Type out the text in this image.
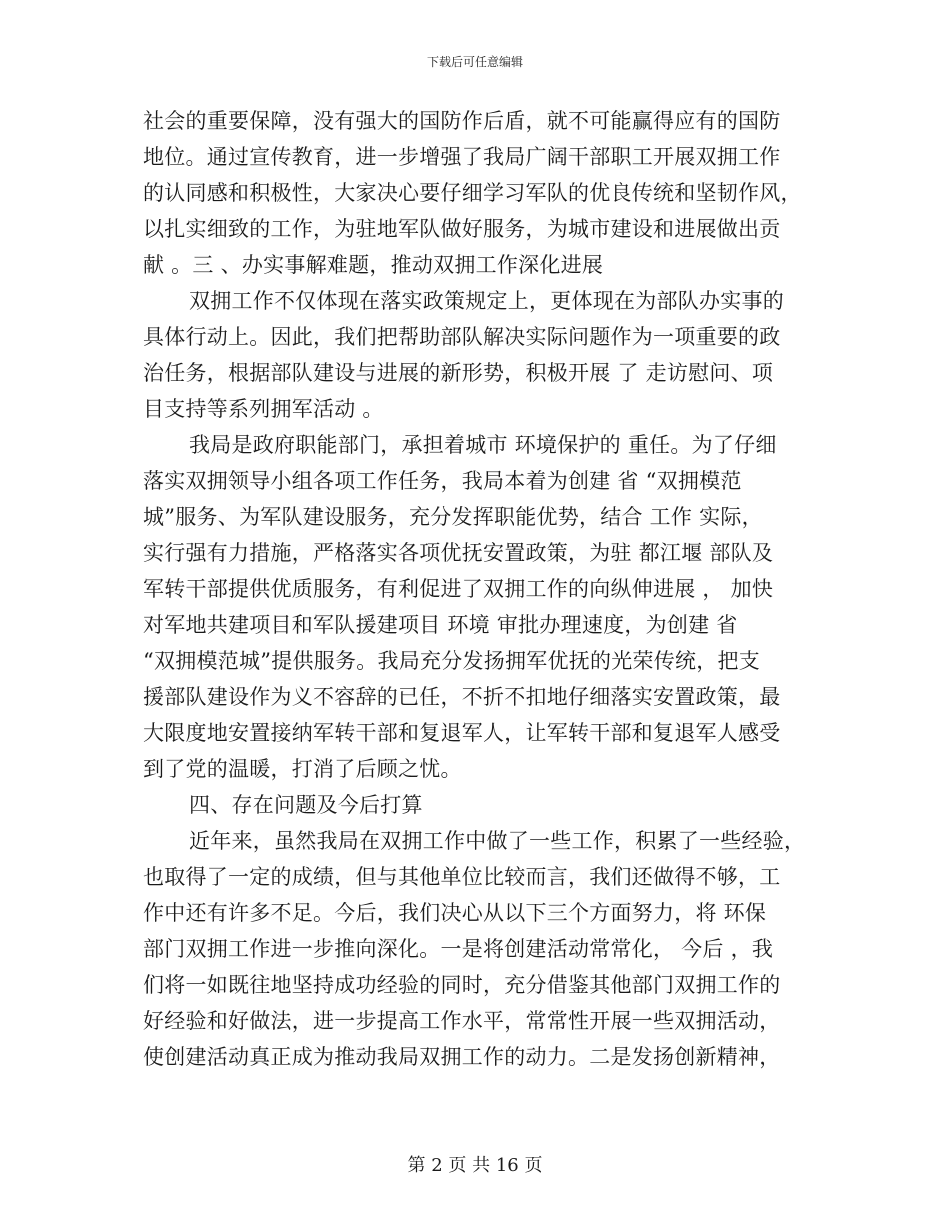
下载后可任意编辑
社会的重要保障，没有强大的国防作后盾，就不可能赢得应有的国防
地位。通过宣传教育，进一步增强了我局广阔干部职工开展双拥工作
的认同感和积极性，大家决心要仔细学习军队的优良传统和坚韧作风，
以扎实细致的工作，为驻地军队做好服务，为城市建设和进展做出贡
献 。三 、办实事解难题，推动双拥工作深化进展
双拥工作不仅体现在落实政策规定上，更体现在为部队办实事的
具体行动上。因此，我们把帮助部队解决实际问题作为一项重要的政
治任务，根据部队建设与进展的新形势，积极开展 了 走访慰问、项
目支持等系列拥军活动 。
我局是政府职能部门，承担着城市 环境保护的 重任。为了仔细
落实双拥领导小组各项工作任务，我局本着为创建 省 “双拥模范
城”服务、为军队建设服务，充分发挥职能优势，结合 工作 实际，
实行强有力措施，严格落实各项优抚安置政策，为驻 都江堰 部队及
军转干部提供优质服务，有利促进了双拥工作的向纵伸进展 ， 加快
对军地共建项目和军队援建项目 环境 审批办理速度，为创建 省
“双拥模范城”提供服务。我局充分发扬拥军优抚的光荣传统，把支
援部队建设作为义不容辞的已任，不折不扣地仔细落实安置政策，最
大限度地安置接纳军转干部和复退军人，让军转干部和复退军人感受
到了党的温暖，打消了后顾之忧。
四、存在问题及今后打算
近年来，虽然我局在双拥工作中做了一些工作，积累了一些经验，
也取得了一定的成绩，但与其他单位比较而言，我们还做得不够，工
作中还有许多不足。今后，我们决心从以下三个方面努力，将 环保
部门双拥工作进一步推向深化。一是将创建活动常常化， 今后 ，我
们将一如既往地坚持成功经验的同时，充分借鉴其他部门双拥工作的
好经验和好做法，进一步提高工作水平，常常性开展一些双拥活动，
使创建活动真正成为推动我局双拥工作的动力。二是发扬创新精神，
第 2 页 共 16 页
